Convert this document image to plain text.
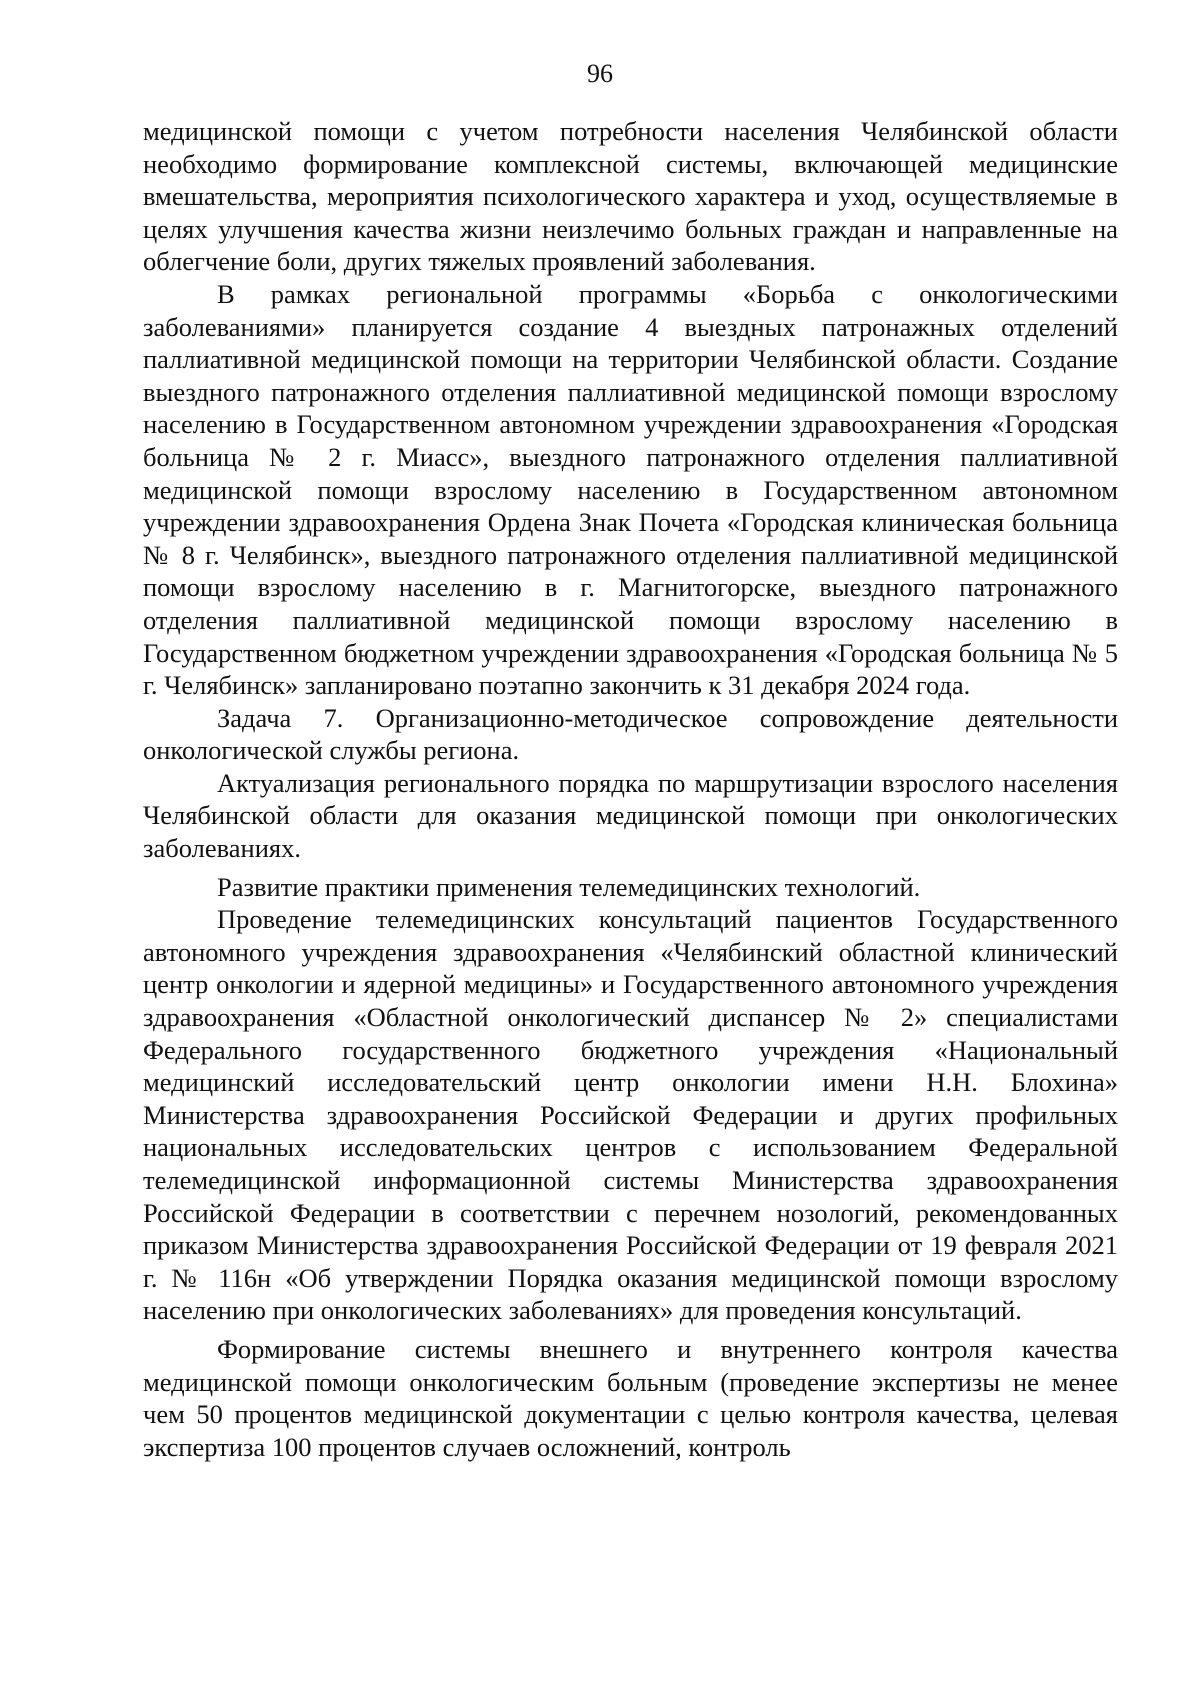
96

медицинской помощи с учетом потребности населения Челябинской области необходимо формирование комплексной системы, включающей медицинские вмешательства, мероприятия психологического характера и уход, осуществляемые в целях улучшения качества жизни неизлечимо больных граждан и направленные на облегчение боли, других тяжелых проявлений заболевания.

В рамках региональной программы «Борьба с онкологическими заболеваниями» планируется создание 4 выездных патронажных отделений паллиативной медицинской помощи на территории Челябинской области. Создание выездного патронажного отделения паллиативной медицинской помощи взрослому населению в Государственном автономном учреждении здравоохранения «Городская больница № 2 г. Миасс», выездного патронажного отделения паллиативной медицинской помощи взрослому населению в Государственном автономном учреждении здравоохранения Ордена Знак Почета «Городская клиническая больница № 8 г. Челябинск», выездного патронажного отделения паллиативной медицинской помощи взрослому населению в г. Магнитогорске, выездного патронажного отделения паллиативной медицинской помощи взрослому населению в Государственном бюджетном учреждении здравоохранения «Городская больница № 5 г. Челябинск» запланировано поэтапно закончить к 31 декабря 2024 года.

Задача 7. Организационно-методическое сопровождение деятельности онкологической службы региона.

Актуализация регионального порядка по маршрутизации взрослого населения Челябинской области для оказания медицинской помощи при онкологических заболеваниях.

Развитие практики применения телемедицинских технологий.

Проведение телемедицинских консультаций пациентов Государственного автономного учреждения здравоохранения «Челябинский областной клинический центр онкологии и ядерной медицины» и Государственного автономного учреждения здравоохранения «Областной онкологический диспансер № 2» специалистами Федерального государственного бюджетного учреждения «Национальный медицинский исследовательский центр онкологии имени Н.Н. Блохина» Министерства здравоохранения Российской Федерации и других профильных национальных исследовательских центров с использованием Федеральной телемедицинской информационной системы Министерства здравоохранения Российской Федерации в соответствии с перечнем нозологий, рекомендованных приказом Министерства здравоохранения Российской Федерации от 19 февраля 2021 г. № 116н «Об утверждении Порядка оказания медицинской помощи взрослому населению при онкологических заболеваниях» для проведения консультаций.

Формирование системы внешнего и внутреннего контроля качества медицинской помощи онкологическим больным (проведение экспертизы не менее чем 50 процентов медицинской документации с целью контроля качества, целевая экспертиза 100 процентов случаев осложнений, контроль
